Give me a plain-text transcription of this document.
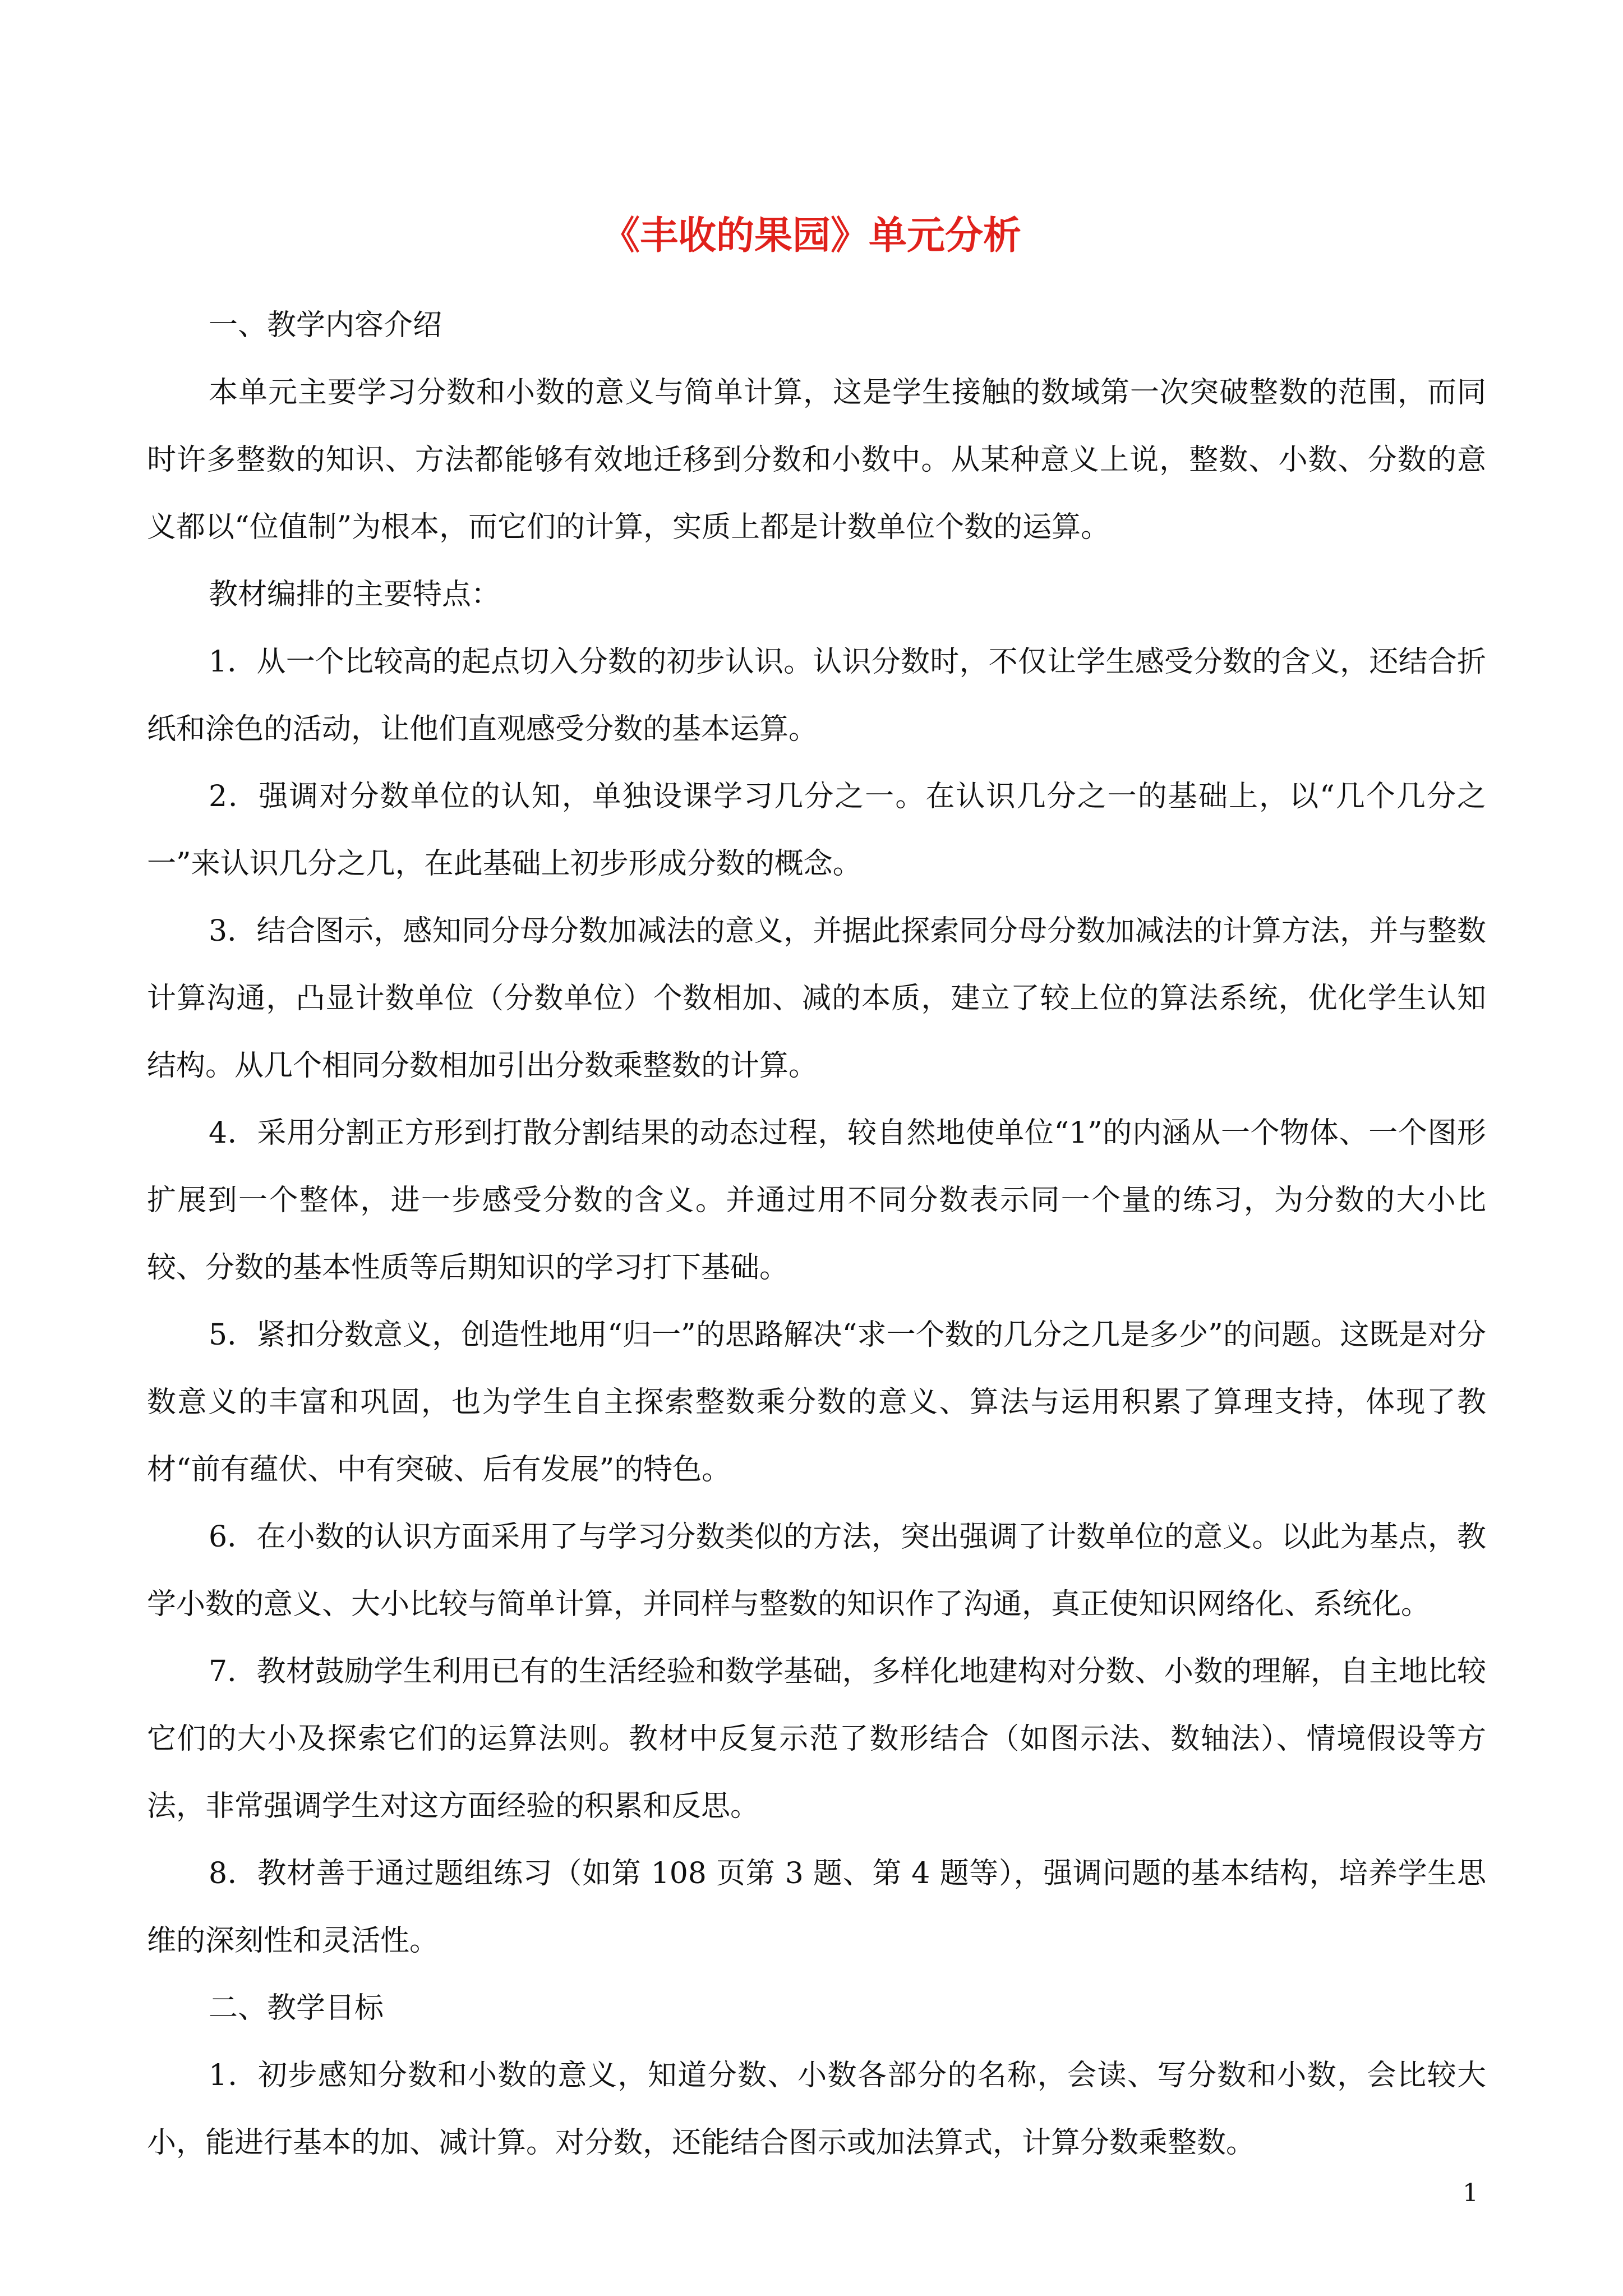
《丰收的果园》单元分析

一、教学内容介绍

本单元主要学习分数和小数的意义与简单计算，这是学生接触的数域第一次突破整数的范围，而同时许多整数的知识、方法都能够有效地迁移到分数和小数中。从某种意义上说，整数、小数、分数的意义都以“位值制”为根本，而它们的计算，实质上都是计数单位个数的运算。

教材编排的主要特点：

1．从一个比较高的起点切入分数的初步认识。认识分数时，不仅让学生感受分数的含义，还结合折纸和涂色的活动，让他们直观感受分数的基本运算。

2．强调对分数单位的认知，单独设课学习几分之一。在认识几分之一的基础上，以“几个几分之一”来认识几分之几，在此基础上初步形成分数的概念。

3．结合图示，感知同分母分数加减法的意义，并据此探索同分母分数加减法的计算方法，并与整数计算沟通，凸显计数单位（分数单位）个数相加、减的本质，建立了较上位的算法系统，优化学生认知结构。从几个相同分数相加引出分数乘整数的计算。

4．采用分割正方形到打散分割结果的动态过程，较自然地使单位“1”的内涵从一个物体、一个图形扩展到一个整体，进一步感受分数的含义。并通过用不同分数表示同一个量的练习，为分数的大小比较、分数的基本性质等后期知识的学习打下基础。

5．紧扣分数意义，创造性地用“归一”的思路解决“求一个数的几分之几是多少”的问题。这既是对分数意义的丰富和巩固，也为学生自主探索整数乘分数的意义、算法与运用积累了算理支持，体现了教材“前有蕴伏、中有突破、后有发展”的特色。

6．在小数的认识方面采用了与学习分数类似的方法，突出强调了计数单位的意义。以此为基点，教学小数的意义、大小比较与简单计算，并同样与整数的知识作了沟通，真正使知识网络化、系统化。

7．教材鼓励学生利用已有的生活经验和数学基础，多样化地建构对分数、小数的理解，自主地比较它们的大小及探索它们的运算法则。教材中反复示范了数形结合（如图示法、数轴法）、情境假设等方法，非常强调学生对这方面经验的积累和反思。

8．教材善于通过题组练习（如第 108 页第 3 题、第 4 题等），强调问题的基本结构，培养学生思维的深刻性和灵活性。

二、教学目标

1．初步感知分数和小数的意义，知道分数、小数各部分的名称，会读、写分数和小数，会比较大小，能进行基本的加、减计算。对分数，还能结合图示或加法算式，计算分数乘整数。

1
